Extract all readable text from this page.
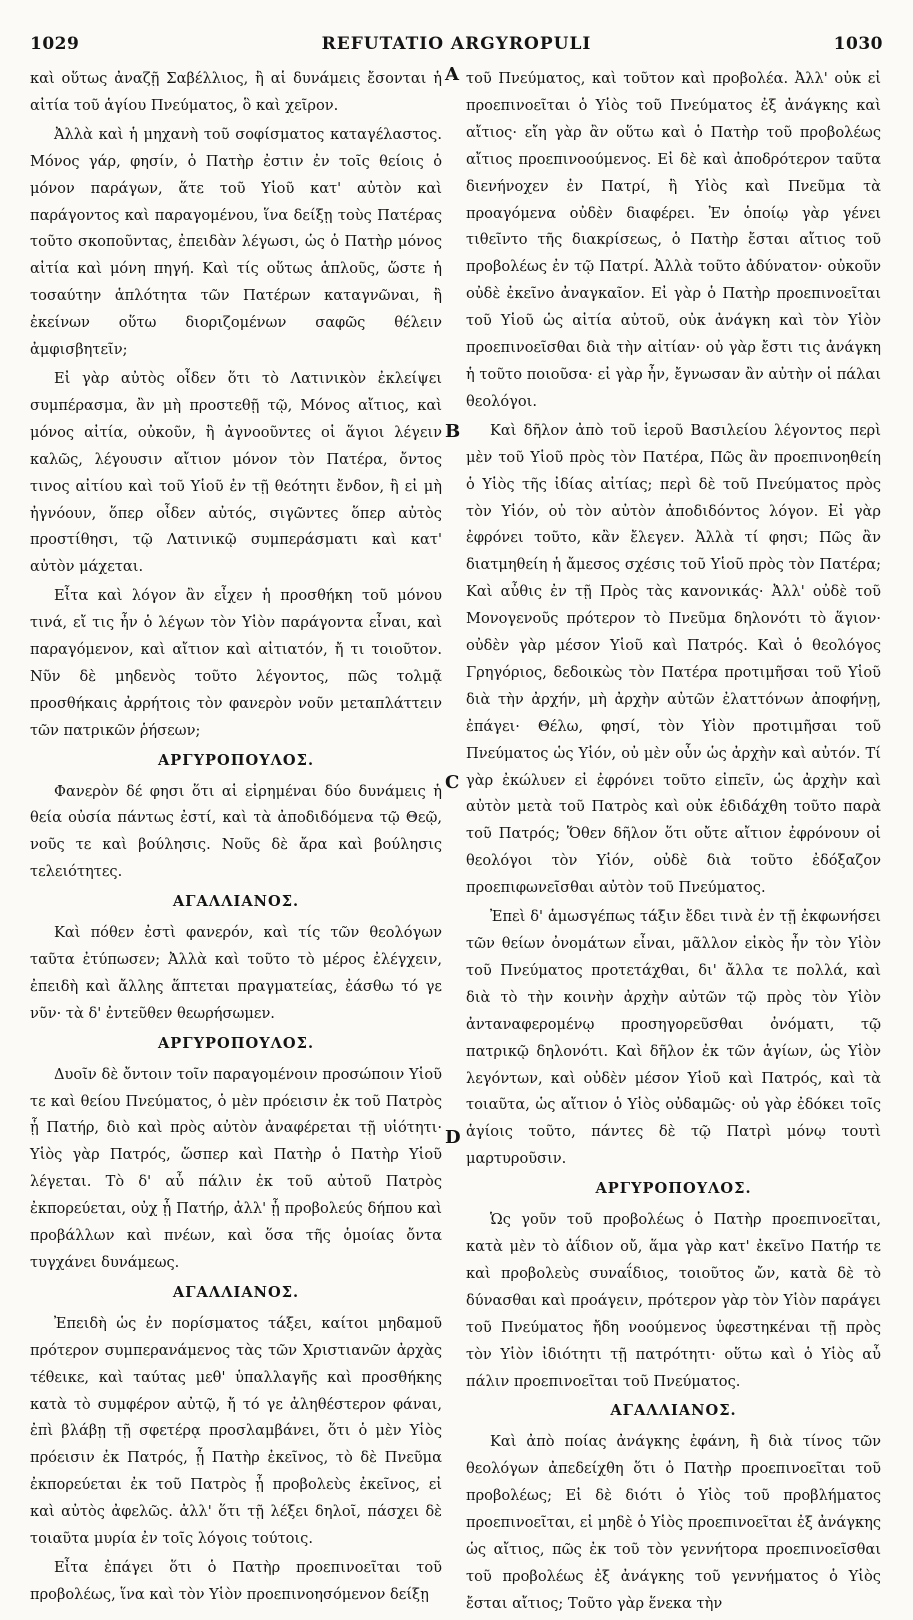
1029	REFUTATIO ARGYROPULI	1030
A
B
C
D

καὶ οὕτως ἀναζῇ Σαβέλλιος, ἢ αἱ δυνάμεις ἔσονται ἡ αἰτία τοῦ ἁγίου Πνεύματος, ὃ καὶ χεῖρον.

Ἀλλὰ καὶ ἡ μηχανὴ τοῦ σοφίσματος καταγέλαστος. Μόνος γάρ, φησίν, ὁ Πατὴρ ἐστιν ἐν τοῖς θείοις ὁ μόνον παράγων, ἅτε τοῦ Υἱοῦ κατ' αὐτὸν καὶ παράγοντος καὶ παραγομένου, ἵνα δείξῃ τοὺς Πατέρας τοῦτο σκοποῦντας, ἐπειδὰν λέγωσι, ὡς ὁ Πατὴρ μόνος αἰτία καὶ μόνη πηγή. Καὶ τίς οὕτως ἁπλοῦς, ὥστε ἡ τοσαύτην ἁπλότητα τῶν Πατέρων καταγνῶναι, ἢ ἐκείνων οὕτω διοριζομένων σαφῶς θέλειν ἀμφισβητεῖν;

Εἰ γὰρ αὐτὸς οἶδεν ὅτι τὸ Λατινικὸν ἐκλείψει συμπέρασμα, ἂν μὴ προστεθῇ τῷ, Μόνος αἴτιος, καὶ μόνος αἰτία, οὐκοῦν, ἢ ἀγνοοῦντες οἱ ἅγιοι λέγειν καλῶς, λέγουσιν αἴτιον μόνον τὸν Πατέρα, ὄντος τινος αἰτίου καὶ τοῦ Υἱοῦ ἐν τῇ θεότητι ἔνδον, ἢ εἰ μὴ ἠγνόουν, ὅπερ οἶδεν αὐτός, σιγῶντες ὅπερ αὐτὸς προστίθησι, τῷ Λατινικῷ συμπεράσματι καὶ κατ' αὐτὸν μάχεται.

Εἶτα καὶ λόγον ἂν εἶχεν ἡ προσθήκη τοῦ μόνου τινά, εἴ τις ἦν ὁ λέγων τὸν Υἱὸν παράγοντα εἶναι, καὶ παραγόμενον, καὶ αἴτιον καὶ αἰτιατόν, ἤ τι τοιοῦτον. Νῦν δὲ μηδενὸς τοῦτο λέγοντος, πῶς τολμᾷ προσθήκαις ἀρρήτοις τὸν φανερὸν νοῦν μεταπλάττειν τῶν πατρικῶν ῥήσεων;

ΑΡΓΥΡΟΠΟΥΛΟΣ.

Φανερὸν δέ φησι ὅτι αἱ εἰρημέναι δύο δυνάμεις ἡ θεία οὐσία πάντως ἐστί, καὶ τὰ ἀποδιδόμενα τῷ Θεῷ, νοῦς τε καὶ βούλησις. Νοῦς δὲ ἄρα καὶ βούλησις τελειότητες.

ΑΓΑΛΛΙΑΝΟΣ.

Καὶ πόθεν ἐστὶ φανερόν, καὶ τίς τῶν θεολόγων ταῦτα ἐτύπωσεν; Ἀλλὰ καὶ τοῦτο τὸ μέρος ἐλέγχειν, ἐπειδὴ καὶ ἄλλης ἅπτεται πραγματείας, ἐάσθω τό γε νῦν· τὰ δ' ἐντεῦθεν θεωρήσωμεν.

ΑΡΓΥΡΟΠΟΥΛΟΣ.

Δυοῖν δὲ ὄντοιν τοῖν παραγομένοιν προσώποιν Υἱοῦ τε καὶ θείου Πνεύματος, ὁ μὲν πρόεισιν ἐκ τοῦ Πατρὸς ᾗ Πατήρ, διὸ καὶ πρὸς αὐτὸν ἀναφέρεται τῇ υἱότητι· Υἱὸς γὰρ Πατρός, ὥσπερ καὶ Πατὴρ ὁ Πατὴρ Υἱοῦ λέγεται. Τὸ δ' αὖ πάλιν ἐκ τοῦ αὐτοῦ Πατρὸς ἐκπορεύεται, οὐχ ᾗ Πατήρ, ἀλλ' ᾗ προβολεύς δήπου καὶ προβάλλων καὶ πνέων, καὶ ὅσα τῆς ὁμοίας ὄντα τυγχάνει δυνάμεως.

ΑΓΑΛΛΙΑΝΟΣ.

Ἐπειδὴ ὡς ἐν πορίσματος τάξει, καίτοι μηδαμοῦ πρότερον συμπερανάμενος τὰς τῶν Χριστιανῶν ἀρχὰς τέθεικε, καὶ ταύτας μεθ' ὑπαλλαγῆς καὶ προσθήκης κατὰ τὸ συμφέρον αὐτῷ, ἤ τό γε ἀληθέστερον φάναι, ἐπὶ βλάβῃ τῇ σφετέρᾳ προσλαμβάνει, ὅτι ὁ μὲν Υἱὸς πρόεισιν ἐκ Πατρός, ᾗ Πατὴρ ἐκεῖνος, τὸ δὲ Πνεῦμα ἐκπορεύεται ἐκ τοῦ Πατρὸς ᾗ προβολεὺς ἐκεῖνος, εἰ καὶ αὐτὸς ἀφελῶς. ἀλλ' ὅτι τῇ λέξει δηλοῖ, πάσχει δὲ τοιαῦτα μυρία ἐν τοῖς λόγοις τούτοις.

Εἶτα ἐπάγει ὅτι ὁ Πατὴρ προεπινοεῖται τοῦ προβολέως, ἵνα καὶ τὸν Υἱὸν προεπινοησόμενον δείξῃ

τοῦ Πνεύματος, καὶ τοῦτον καὶ προβολέα. Ἀλλ' οὐκ εἰ προεπινοεῖται ὁ Υἱὸς τοῦ Πνεύματος ἐξ ἀνάγκης καὶ αἴτιος· εἴη γὰρ ἂν οὕτω καὶ ὁ Πατὴρ τοῦ προβολέως αἴτιος προεπινοούμενος. Εἰ δὲ καὶ ἀποδρότερον ταῦτα διενήνοχεν ἐν Πατρί, ἢ Υἱὸς καὶ Πνεῦμα τὰ προαγόμενα οὐδὲν διαφέρει. Ἐν ὁποίῳ γὰρ γένει τιθεῖντο τῆς διακρίσεως, ὁ Πατὴρ ἔσται αἴτιος τοῦ προβολέως ἐν τῷ Πατρί. Ἀλλὰ τοῦτο ἀδύνατον· οὐκοῦν οὐδὲ ἐκεῖνο ἀναγκαῖον. Εἰ γὰρ ὁ Πατὴρ προεπινοεῖται τοῦ Υἱοῦ ὡς αἰτία αὐτοῦ, οὐκ ἀνάγκη καὶ τὸν Υἱὸν προεπινοεῖσθαι διὰ τὴν αἰτίαν· οὐ γὰρ ἔστι τις ἀνάγκη ἡ τοῦτο ποιοῦσα· εἰ γὰρ ἦν, ἔγνωσαν ἂν αὐτὴν οἱ πάλαι θεολόγοι.

Καὶ δῆλον ἀπὸ τοῦ ἱεροῦ Βασιλείου λέγοντος περὶ μὲν τοῦ Υἱοῦ πρὸς τὸν Πατέρα, Πῶς ἂν προεπινοηθείη ὁ Υἱὸς τῆς ἰδίας αἰτίας; περὶ δὲ τοῦ Πνεύματος πρὸς τὸν Υἱόν, οὐ τὸν αὐτὸν ἀποδιδόντος λόγον. Εἰ γὰρ ἐφρόνει τοῦτο, κἂν ἔλεγεν. Ἀλλὰ τί φησι; Πῶς ἂν διατμηθείη ἡ ἄμεσος σχέσις τοῦ Υἱοῦ πρὸς τὸν Πατέρα; Καὶ αὖθις ἐν τῇ Πρὸς τὰς κανονικάς· Ἀλλ' οὐδὲ τοῦ Μονογενοῦς πρότερον τὸ Πνεῦμα δηλονότι τὸ ἅγιον· οὐδὲν γὰρ μέσον Υἱοῦ καὶ Πατρός. Καὶ ὁ θεολόγος Γρηγόριος, δεδοικὼς τὸν Πατέρα προτιμῆσαι τοῦ Υἱοῦ διὰ τὴν ἀρχήν, μὴ ἀρχὴν αὐτῶν ἐλαττόνων ἀποφήνῃ, ἐπάγει· Θέλω, φησί, τὸν Υἱὸν προτιμῆσαι τοῦ Πνεύματος ὡς Υἱόν, οὐ μὲν οὖν ὡς ἀρχὴν καὶ αὐτόν. Τί γὰρ ἐκώλυεν εἰ ἐφρόνει τοῦτο εἰπεῖν, ὡς ἀρχὴν καὶ αὐτὸν μετὰ τοῦ Πατρὸς καὶ οὐκ ἐδιδάχθη τοῦτο παρὰ τοῦ Πατρός; Ὅθεν δῆλον ὅτι οὔτε αἴτιον ἐφρόνουν οἱ θεολόγοι τὸν Υἱόν, οὐδὲ διὰ τοῦτο ἐδόξαζον προεπιφωνεῖσθαι αὐτὸν τοῦ Πνεύματος.

Ἐπεὶ δ' ἁμωσγέπως τάξιν ἔδει τινὰ ἐν τῇ ἐκφωνήσει τῶν θείων ὀνομάτων εἶναι, μᾶλλον εἰκὸς ἦν τὸν Υἱὸν τοῦ Πνεύματος προτετάχθαι, δι' ἄλλα τε πολλά, καὶ διὰ τὸ τὴν κοινὴν ἀρχὴν αὐτῶν τῷ πρὸς τὸν Υἱὸν ἀνταναφερομένῳ προσηγορεῦσθαι ὀνόματι, τῷ πατρικῷ δηλονότι. Καὶ δῆλον ἐκ τῶν ἁγίων, ὡς Υἱὸν λεγόντων, καὶ οὐδὲν μέσον Υἱοῦ καὶ Πατρός, καὶ τὰ τοιαῦτα, ὡς αἴτιον ὁ Υἱὸς οὐδαμῶς· οὐ γὰρ ἐδόκει τοῖς ἁγίοις τοῦτο, πάντες δὲ τῷ Πατρὶ μόνῳ τουτὶ μαρτυροῦσιν.

ΑΡΓΥΡΟΠΟΥΛΟΣ.

Ὡς γοῦν τοῦ προβολέως ὁ Πατὴρ προεπινοεῖται, κατὰ μὲν τὸ ἀΐδιον οὔ, ἅμα γὰρ κατ' ἐκεῖνο Πατήρ τε καὶ προβολεὺς συναΐδιος, τοιοῦτος ὤν, κατὰ δὲ τὸ δύνασθαι καὶ προάγειν, πρότερον γὰρ τὸν Υἱὸν παράγει τοῦ Πνεύματος ἤδη νοούμενος ὑφεστηκέναι τῇ πρὸς τὸν Υἱὸν ἰδιότητι τῇ πατρότητι· οὕτω καὶ ὁ Υἱὸς αὖ πάλιν προεπινοεῖται τοῦ Πνεύματος.

ΑΓΑΛΛΙΑΝΟΣ.

Καὶ ἀπὸ ποίας ἀνάγκης ἐφάνη, ἢ διὰ τίνος τῶν θεολόγων ἀπεδείχθη ὅτι ὁ Πατὴρ προεπινοεῖται τοῦ προβολέως; Εἰ δὲ διότι ὁ Υἱὸς τοῦ προβλήματος προεπινοεῖται, εἰ μηδὲ ὁ Υἱὸς προεπινοεῖται ἐξ ἀνάγκης ὡς αἴτιος, πῶς ἐκ τοῦ τὸν γεννήτορα προεπινοεῖσθαι τοῦ προβολέως ἐξ ἀνάγκης τοῦ γεννήματος ὁ Υἱὸς ἔσται αἴτιος; Τοῦτο γὰρ ἕνεκα τὴν
